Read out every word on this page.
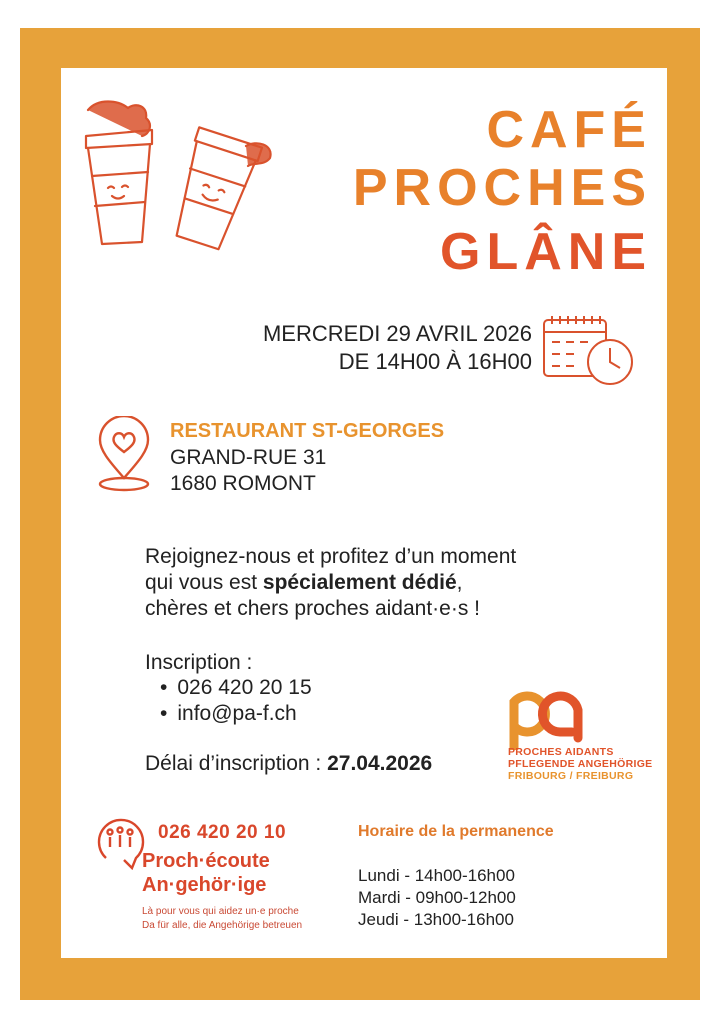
CAFÉ
PROCHES
GLÂNE
MERCREDI 29 AVRIL 2026
DE 14H00 À 16H00
RESTAURANT ST-GEORGES
GRAND-RUE 31
1680 ROMONT
Rejoignez-nous et profitez d’un moment
qui vous est spécialement dédié,
chères et chers proches aidant·e·s !
Inscription :
• 026 420 20 15
• info@pa-f.ch
Délai d’inscription : 27.04.2026	PROCHES AIDANTS
PFLEGENDE ANGEHÖRIGE
FRIBOURG / FREIBURG
026 420 20 10
Proch·écoute
An·gehör·ige
Là pour vous qui aidez un·e proche
Da für alle, die Angehörige betreuen
Horaire de la permanence
Lundi - 14h00-16h00
Mardi - 09h00-12h00
Jeudi - 13h00-16h00
